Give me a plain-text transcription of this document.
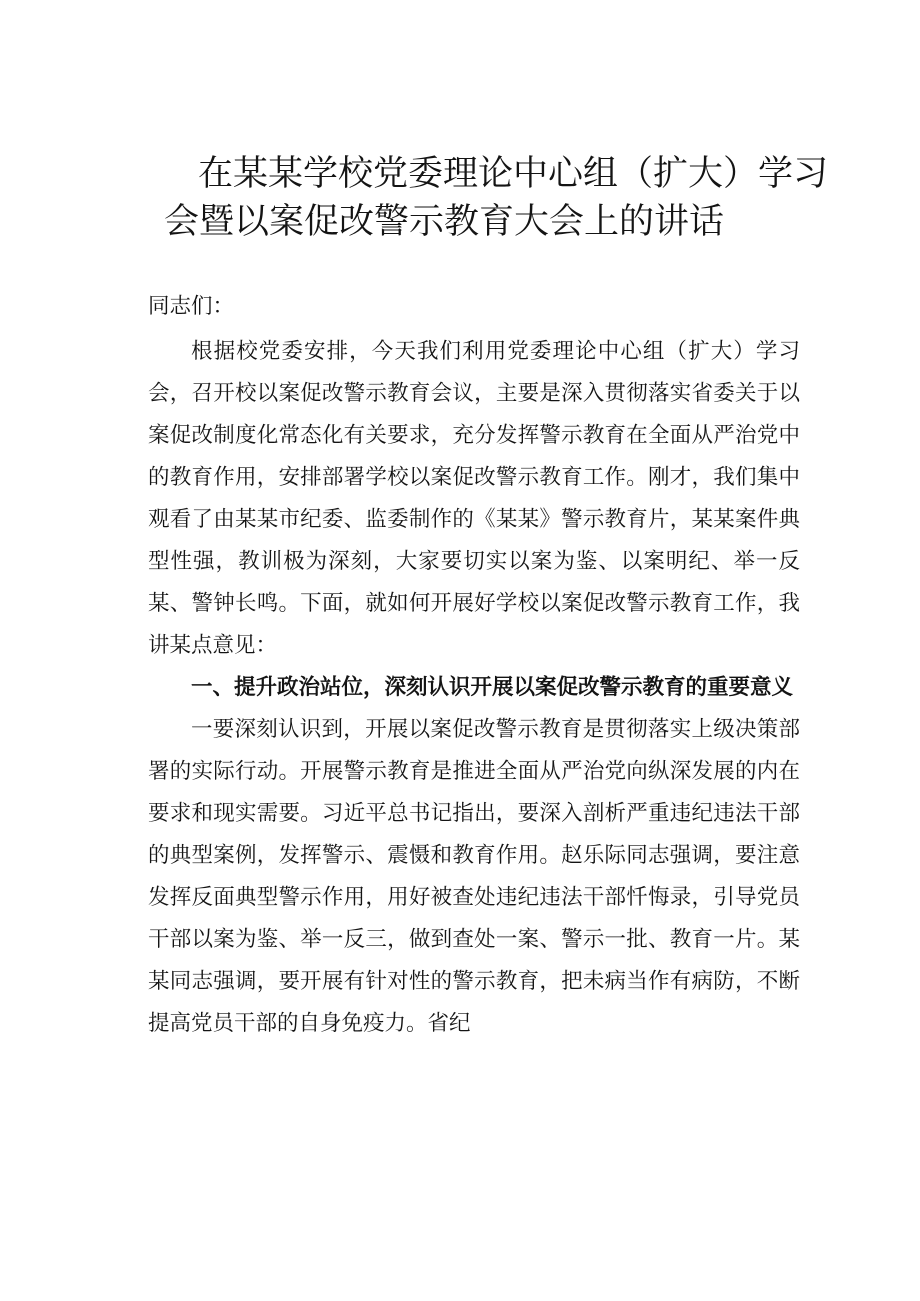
在某某学校党委理论中心组（扩大）学习
会暨以案促改警示教育大会上的讲话

同志们：

根据校党委安排，今天我们利用党委理论中心组（扩大）学习会，召开校以案促改警示教育会议，主要是深入贯彻落实省委关于以案促改制度化常态化有关要求，充分发挥警示教育在全面从严治党中的教育作用，安排部署学校以案促改警示教育工作。刚才，我们集中观看了由某某市纪委、监委制作的《某某》警示教育片，某某案件典型性强，教训极为深刻，大家要切实以案为鉴、以案明纪、举一反某、警钟长鸣。下面，就如何开展好学校以案促改警示教育工作，我讲某点意见：

一、提升政治站位，深刻认识开展以案促改警示教育的重要意义

一要深刻认识到，开展以案促改警示教育是贯彻落实上级决策部署的实际行动。开展警示教育是推进全面从严治党向纵深发展的内在要求和现实需要。习近平总书记指出，要深入剖析严重违纪违法干部的典型案例，发挥警示、震慑和教育作用。赵乐际同志强调，要注意发挥反面典型警示作用，用好被查处违纪违法干部忏悔录，引导党员干部以案为鉴、举一反三，做到查处一案、警示一批、教育一片。某某同志强调，要开展有针对性的警示教育，把未病当作有病防，不断提高党员干部的自身免疫力。省纪
